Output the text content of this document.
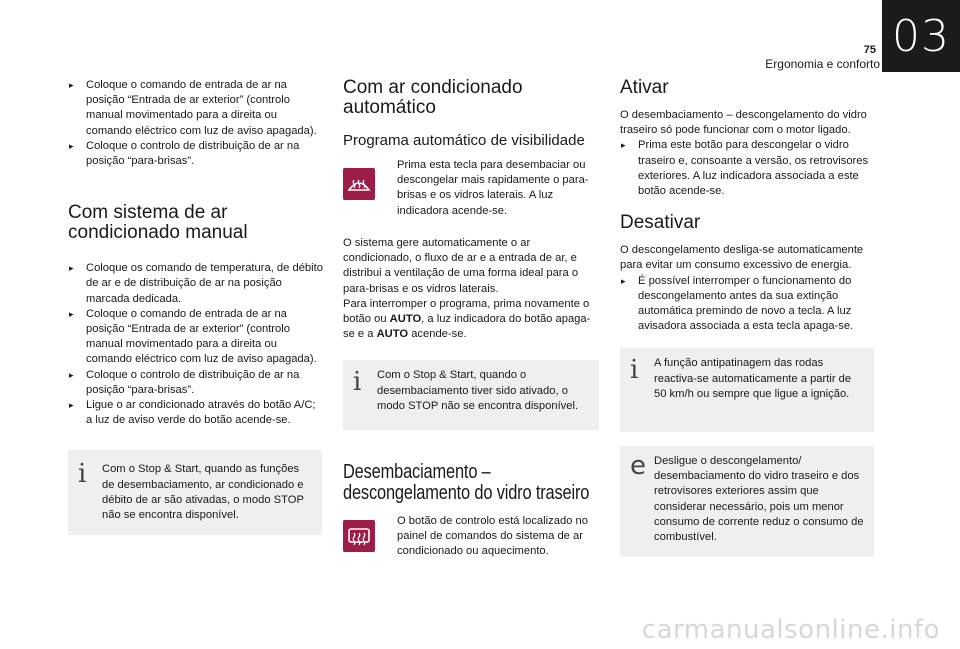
03
75
Ergonomia e conforto
▸ Coloque o comando de entrada de ar na posição “Entrada de ar exterior” (controlo manual movimentado para a direita ou comando eléctrico com luz de aviso apagada).
▸ Coloque o controlo de distribuição de ar na posição “para-brisas”.
Com sistema de ar condicionado manual
▸ Coloque os comando de temperatura, de débito de ar e de distribuição de ar na posição marcada dedicada.
▸ Coloque o comando de entrada de ar na posição “Entrada de ar exterior” (controlo manual movimentado para a direita ou comando eléctrico com luz de aviso apagada).
▸ Coloque o controlo de distribuição de ar na posição “para-brisas”.
▸ Ligue o ar condicionado através do botão A/C; a luz de aviso verde do botão acende-se.
i Com o Stop & Start, quando as funções de desembaciamento, ar condicionado e débito de ar são ativadas, o modo STOP não se encontra disponível.
Com ar condicionado automático
Programa automático de visibilidade
Prima esta tecla para desembaciar ou descongelar mais rapidamente o para-brisas e os vidros laterais. A luz indicadora acende-se.
O sistema gere automaticamente o ar condicionado, o fluxo de ar e a entrada de ar, e distribui a ventilação de uma forma ideal para o para-brisas e os vidros laterais.
Para interromper o programa, prima novamente o botão ou AUTO, a luz indicadora do botão apaga-se e a AUTO acende-se.
i Com o Stop & Start, quando o desembaciamento tiver sido ativado, o modo STOP não se encontra disponível.
Desembaciamento –
descongelamento do vidro traseiro
O botão de controlo está localizado no painel de comandos do sistema de ar condicionado ou aquecimento.
Ativar
O desembaciamento – descongelamento do vidro traseiro só pode funcionar com o motor ligado.
▸ Prima este botão para descongelar o vidro traseiro e, consoante a versão, os retrovisores exteriores. A luz indicadora associada a este botão acende-se.
Desativar
O descongelamento desliga-se automaticamente para evitar um consumo excessivo de energia.
▸ É possível interromper o funcionamento do descongelamento antes da sua extinção automática premindo de novo a tecla. A luz avisadora associada a esta tecla apaga-se.
i A função antipatinagem das rodas reactiva-se automaticamente a partir de 50 km/h ou sempre que ligue a ignição.
e Desligue o descongelamento/ desembaciamento do vidro traseiro e dos retrovisores exteriores assim que considerar necessário, pois um menor consumo de corrente reduz o consumo de combustível.
carmanualsonline.info
